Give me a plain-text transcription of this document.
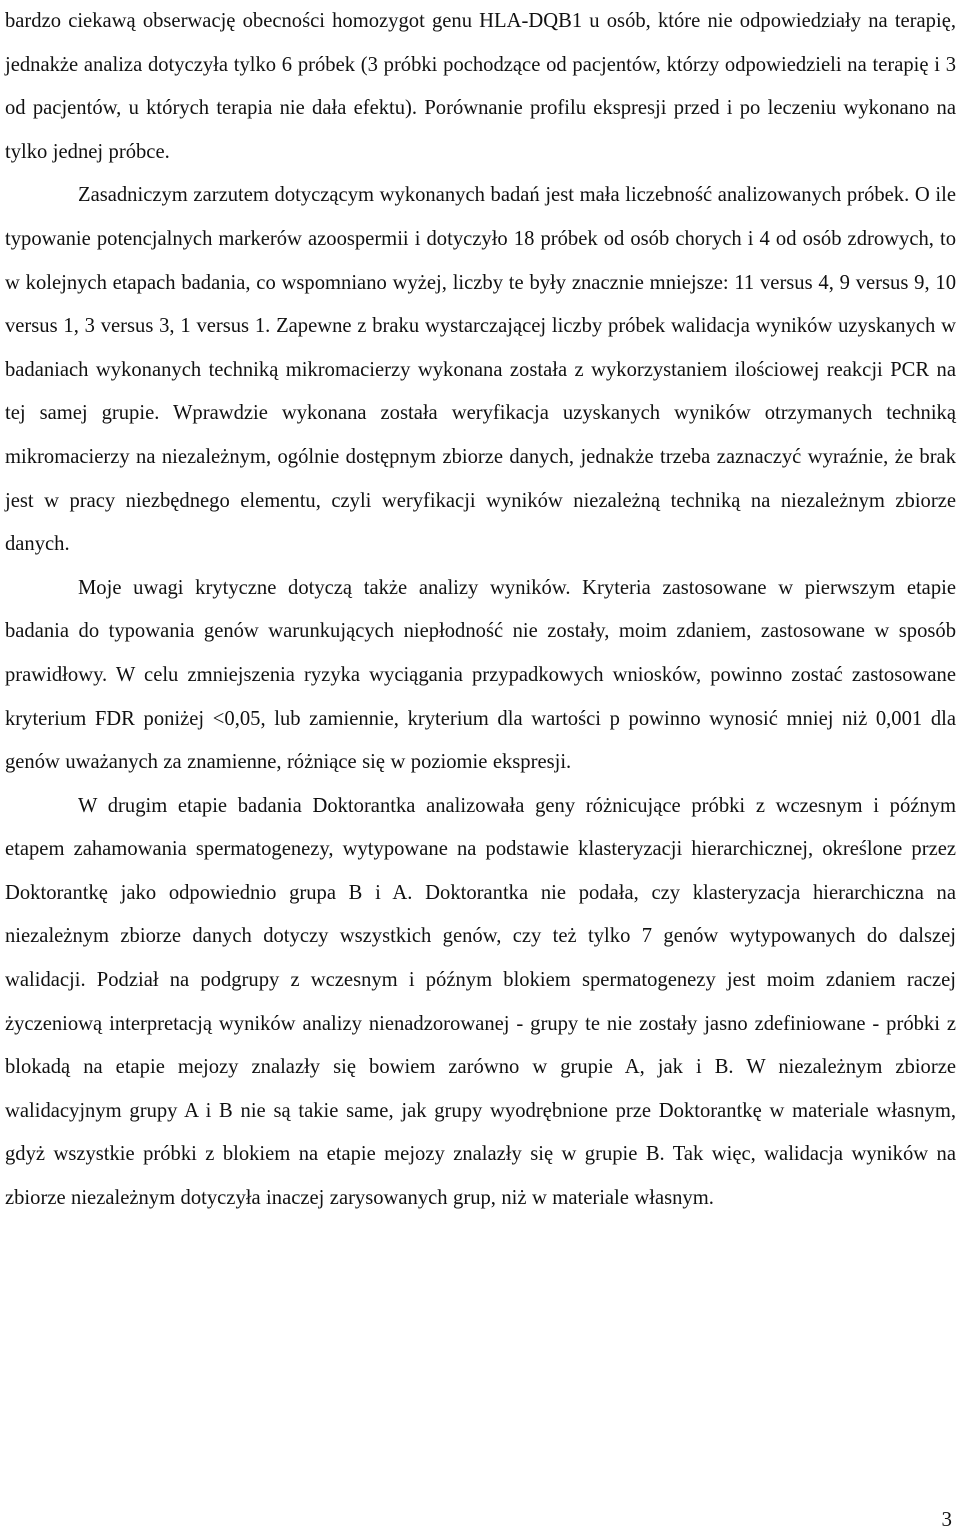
bardzo ciekawą obserwację obecności homozygot genu HLA-DQB1 u osób, które nie odpowiedziały na terapię, jednakże analiza dotyczyła tylko 6 próbek (3 próbki pochodzące od pacjentów, którzy odpowiedzieli na terapię i 3 od pacjentów, u których terapia nie dała efektu). Porównanie profilu ekspresji przed i po leczeniu wykonano na tylko jednej próbce.

Zasadniczym zarzutem dotyczącym wykonanych badań jest mała liczebność analizowanych próbek. O ile typowanie potencjalnych markerów azoospermii i dotyczyło 18 próbek od osób chorych i 4 od osób zdrowych, to w kolejnych etapach badania, co wspomniano wyżej, liczby te były znacznie mniejsze: 11 versus 4, 9 versus 9, 10 versus 1, 3 versus 3, 1 versus 1. Zapewne z braku wystarczającej liczby próbek walidacja wyników uzyskanych w badaniach wykonanych techniką mikromacierzy wykonana została z wykorzystaniem ilościowej reakcji PCR na tej samej grupie. Wprawdzie wykonana została weryfikacja uzyskanych wyników otrzymanych techniką mikromacierzy na niezależnym, ogólnie dostępnym zbiorze danych, jednakże trzeba zaznaczyć wyraźnie, że brak jest w pracy niezbędnego elementu, czyli weryfikacji wyników niezależną techniką na niezależnym zbiorze danych.

Moje uwagi krytyczne dotyczą także analizy wyników. Kryteria zastosowane w pierwszym etapie badania do typowania genów warunkujących niepłodność nie zostały, moim zdaniem, zastosowane w sposób prawidłowy. W celu zmniejszenia ryzyka wyciągania przypadkowych wniosków, powinno zostać zastosowane kryterium FDR poniżej <0,05, lub zamiennie, kryterium dla wartości p powinno wynosić mniej niż 0,001 dla genów uważanych za znamienne, różniące się w poziomie ekspresji.

W drugim etapie badania Doktorantka analizowała geny różnicujące próbki z wczesnym i późnym etapem zahamowania spermatogenezy, wytypowane na podstawie klasteryzacji hierarchicznej, określone przez Doktorantkę jako odpowiednio grupa B i A. Doktorantka nie podała, czy klasteryzacja hierarchiczna na niezależnym zbiorze danych dotyczy wszystkich genów, czy też tylko 7 genów wytypowanych do dalszej walidacji. Podział na podgrupy z wczesnym i późnym blokiem spermatogenezy jest moim zdaniem raczej życzeniową interpretacją wyników analizy nienadzorowanej - grupy te nie zostały jasno zdefiniowane - próbki z blokadą na etapie mejozy znalazły się bowiem zarówno w grupie A, jak i B. W niezależnym zbiorze walidacyjnym grupy A i B nie są takie same, jak grupy wyodrębnione prze Doktorantkę w materiale własnym, gdyż wszystkie próbki z blokiem na etapie mejozy znalazły się w grupie B. Tak więc, walidacja wyników na zbiorze niezależnym dotyczyła inaczej zarysowanych grup, niż w materiale własnym.

3
